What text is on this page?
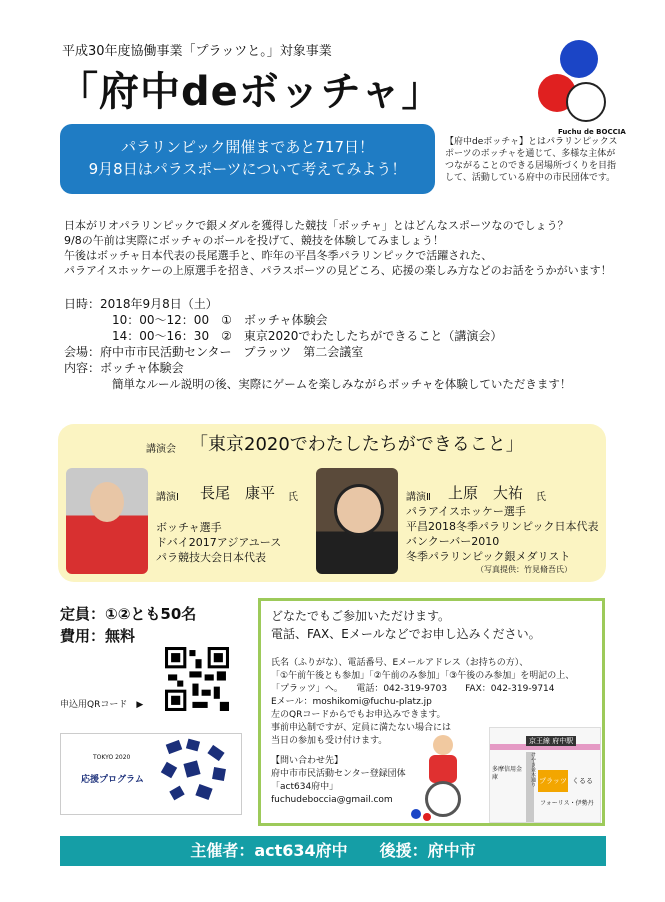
平成30年度協働事業「プラッツと。」対象事業
「府中deボッチャ」
Fuchu de BOCCIA
パラリンピック開催まであと717日！
9月8日はパラスポーツについて考えてみよう！
【府中deボッチャ】とはパラリンピックスポーツのボッチャを通じて、多様な主体がつながることのできる居場所づくりを目指して、活動している府中の市民団体です。
日本がリオパラリンピックで銀メダルを獲得した競技「ボッチャ」とはどんなスポーツなのでしょう？
9/8の午前は実際にボッチャのボールを投げて、競技を体験してみましょう！
午後はボッチャ日本代表の長尾選手と、昨年の平昌冬季パラリンピックで活躍された、
パラアイスホッケーの上原選手を招き、パラスポーツの見どころ、応援の楽しみ方などのお話をうかがいます！
日時：2018年9月8日（土）
10：00～12：00　①　ボッチャ体験会
14：00～16：30　②　東京2020でわたしたちができること（講演会）
会場：府中市市民活動センター　プラッツ　第二会議室
内容：ボッチャ体験会
簡単なルール説明の後、実際にゲームを楽しみながらボッチャを体験していただきます！
講演会 「東京2020でわたしたちができること」
講演Ⅰ 長尾　康平 氏
ボッチャ選手
ドバイ2017アジアユース
パラ競技大会日本代表
講演Ⅱ 上原　大祐 氏
パラアイスホッケー選手
平昌2018冬季パラリンピック日本代表
バンクーバー2010
冬季パラリンピック銀メダリスト
（写真提供：竹見脩吾氏）
定員：①②とも50名
費用：無料
申込用QRコード　▶
TOKYO 2020
応援プログラム
どなたでもご参加いただけます。
電話、FAX、Eメールなどでお申し込みください。
氏名（ふりがな）、電話番号、Eメールアドレス（お持ちの方）、
「①午前午後とも参加」「②午前のみ参加」「③午後のみ参加」を明記の上、
「プラッツ」へ。　　電話：042-319-9703　　FAX：042-319-9714
Eメール：moshikomi@fuchu-platz.jp
左のQRコードからでもお申込みできます。
事前申込制ですが、定員に満たない場合には
当日の参加も受け付けます。
【問い合わせ先】
府中市市民活動センター登録団体
「act634府中」
fuchudeboccia@gmail.com
京王線 府中駅
けやき並木通り プラッツ くるる
多摩信用金庫
フォーリス・伊勢丹
主催者：act634府中　　後援：府中市
